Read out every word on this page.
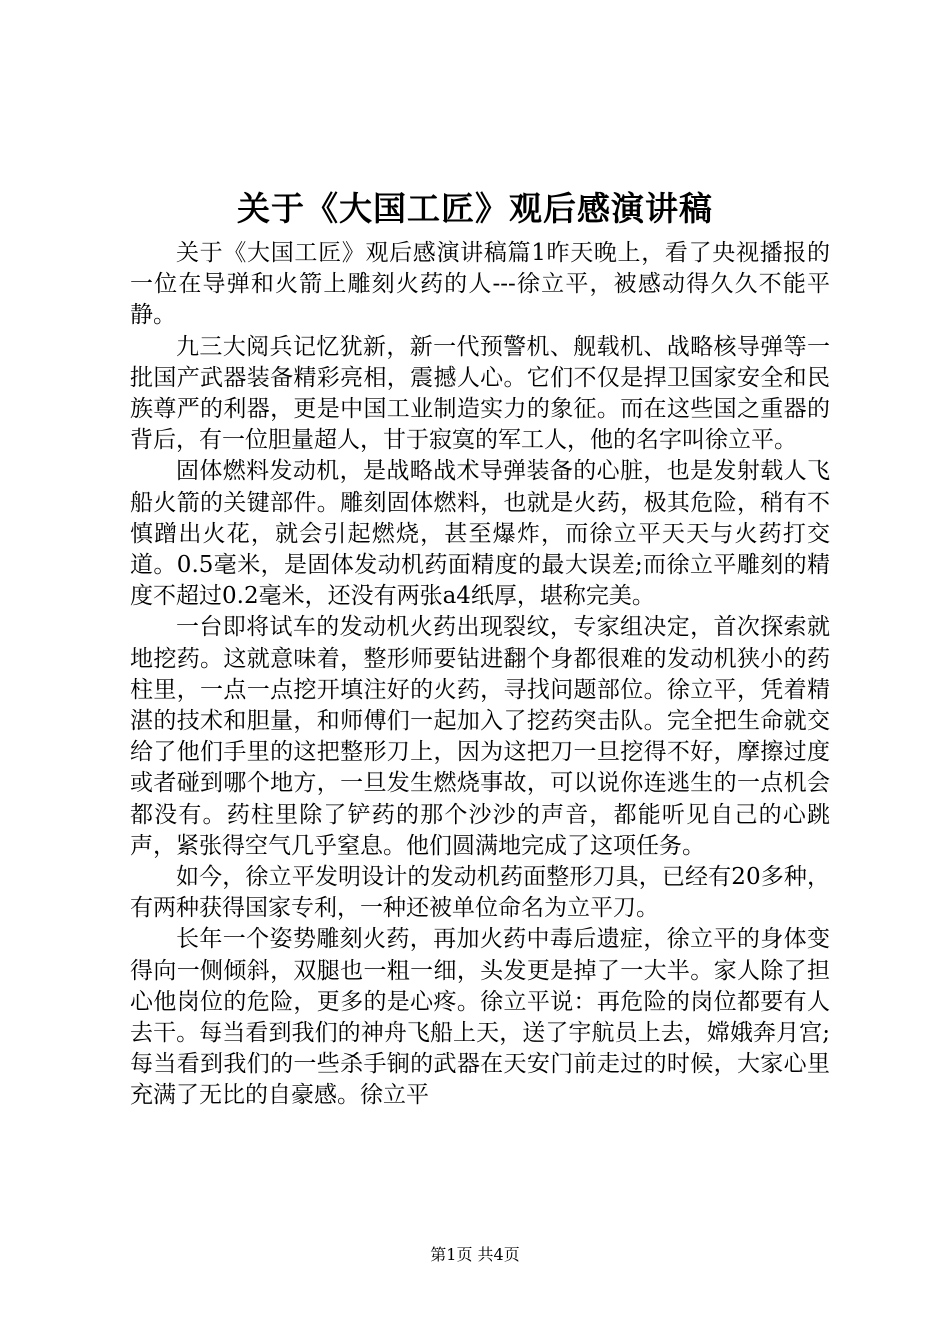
关于《大国工匠》观后感演讲稿

关于《大国工匠》观后感演讲稿篇1昨天晚上，看了央视播报的一位在导弹和火箭上雕刻火药的人---徐立平，被感动得久久不能平静。

九三大阅兵记忆犹新，新一代预警机、舰载机、战略核导弹等一批国产武器装备精彩亮相，震撼人心。它们不仅是捍卫国家安全和民族尊严的利器，更是中国工业制造实力的象征。而在这些国之重器的背后，有一位胆量超人，甘于寂寞的军工人，他的名字叫徐立平。

固体燃料发动机，是战略战术导弹装备的心脏，也是发射载人飞船火箭的关键部件。雕刻固体燃料，也就是火药，极其危险，稍有不慎蹭出火花，就会引起燃烧，甚至爆炸，而徐立平天天与火药打交道。0.5毫米，是固体发动机药面精度的最大误差;而徐立平雕刻的精度不超过0.2毫米，还没有两张a4纸厚，堪称完美。

一台即将试车的发动机火药出现裂纹，专家组决定，首次探索就地挖药。这就意味着，整形师要钻进翻个身都很难的发动机狭小的药柱里，一点一点挖开填注好的火药，寻找问题部位。徐立平，凭着精湛的技术和胆量，和师傅们一起加入了挖药突击队。完全把生命就交给了他们手里的这把整形刀上，因为这把刀一旦挖得不好，摩擦过度或者碰到哪个地方，一旦发生燃烧事故，可以说你连逃生的一点机会都没有。药柱里除了铲药的那个沙沙的声音，都能听见自己的心跳声，紧张得空气几乎窒息。他们圆满地完成了这项任务。

如今，徐立平发明设计的发动机药面整形刀具，已经有20多种，有两种获得国家专利，一种还被单位命名为立平刀。

长年一个姿势雕刻火药，再加火药中毒后遗症，徐立平的身体变得向一侧倾斜，双腿也一粗一细，头发更是掉了一大半。家人除了担心他岗位的危险，更多的是心疼。徐立平说：再危险的岗位都要有人去干。每当看到我们的神舟飞船上天，送了宇航员上去，嫦娥奔月宫;每当看到我们的一些杀手锏的武器在天安门前走过的时候，大家心里充满了无比的自豪感。徐立平

第1页 共4页
